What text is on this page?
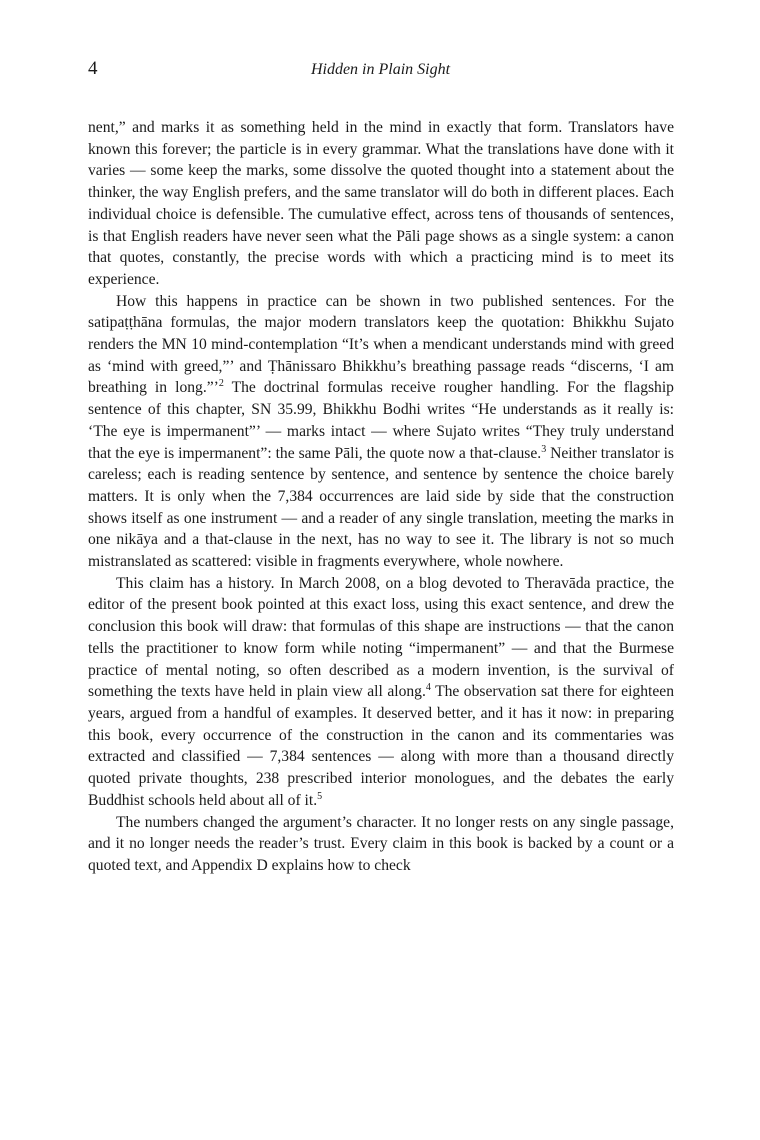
4	Hidden in Plain Sight

nent,” and marks it as something held in the mind in exactly that form. Translators have known this forever; the particle is in every grammar. What the translations have done with it varies — some keep the marks, some dissolve the quoted thought into a statement about the thinker, the way English prefers, and the same translator will do both in different places. Each individual choice is defensible. The cumulative effect, across tens of thousands of sentences, is that English readers have never seen what the Pāli page shows as a single system: a canon that quotes, constantly, the precise words with which a practicing mind is to meet its experience.

How this happens in practice can be shown in two published sentences. For the satipaṭṭhāna formulas, the major modern translators keep the quotation: Bhikkhu Sujato renders the MN 10 mind-contemplation “It’s when a mendicant understands mind with greed as ‘mind with greed,”’ and Ṭhānissaro Bhikkhu’s breathing passage reads “discerns, ‘I am breathing in long.”’$^2$ The doctrinal formulas receive rougher handling. For the flagship sentence of this chapter, SN 35.99, Bhikkhu Bodhi writes “He understands as it really is: ‘The eye is impermanent”’ — marks intact — where Sujato writes “They truly understand that the eye is impermanent”: the same Pāli, the quote now a that-clause.$^3$ Neither translator is careless; each is reading sentence by sentence, and sentence by sentence the choice barely matters. It is only when the 7,384 occurrences are laid side by side that the construction shows itself as one instrument — and a reader of any single translation, meeting the marks in one nikāya and a that-clause in the next, has no way to see it. The library is not so much mistranslated as scattered: visible in fragments everywhere, whole nowhere.

This claim has a history. In March 2008, on a blog devoted to Theravāda practice, the editor of the present book pointed at this exact loss, using this exact sentence, and drew the conclusion this book will draw: that formulas of this shape are instructions — that the canon tells the practitioner to know form while noting “impermanent” — and that the Burmese practice of mental noting, so often described as a modern invention, is the survival of something the texts have held in plain view all along.$^4$ The observation sat there for eighteen years, argued from a handful of examples. It deserved better, and it has it now: in preparing this book, every occurrence of the construction in the canon and its commentaries was extracted and classified — 7,384 sentences — along with more than a thousand directly quoted private thoughts, 238 prescribed interior monologues, and the debates the early Buddhist schools held about all of it.$^5$

The numbers changed the argument’s character. It no longer rests on any single passage, and it no longer needs the reader’s trust. Every claim in this book is backed by a count or a quoted text, and Appendix D explains how to check
